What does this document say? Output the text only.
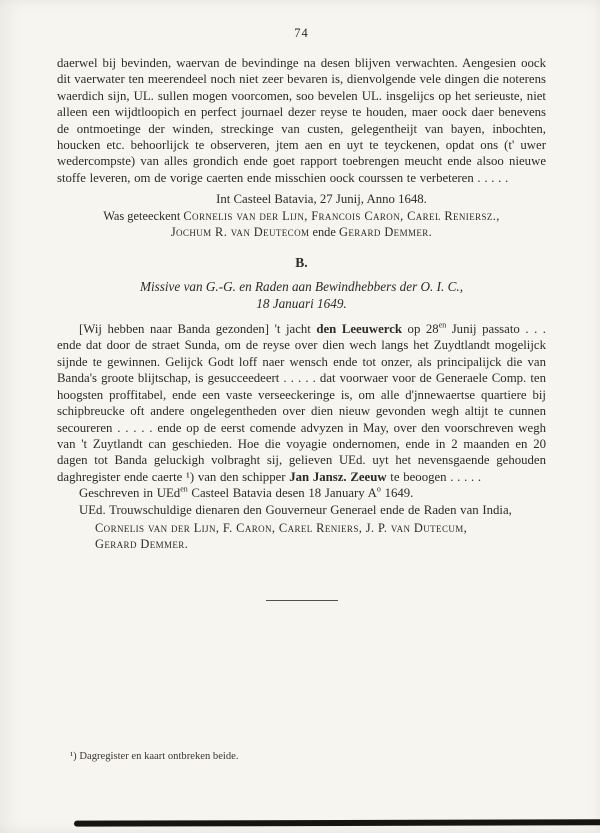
74

daerwel bij bevinden, waervan de bevindinge na desen blijven verwachten. Aengesien oock dit vaerwater ten meerendeel noch niet zeer bevaren is, dienvolgende vele dingen die noterens waerdich sijn, UL. sullen mogen voorcomen, soo bevelen UL. insgelijcs op het serieuste, niet alleen een wijdtloopich en perfect journael dezer reyse te houden, maer oock daer benevens de ontmoetinge der winden, streckinge van custen, gelegentheijt van bayen, inbochten, houcken etc. behoorlijck te observeren, jtem aen en uyt te teyckenen, opdat ons (t' uwer wedercompste) van alles grondich ende goet rapport toebrengen meucht ende alsoo nieuwe stoffe leveren, om de vorige caerten ende misschien oock courssen te verbeteren . . . . .

Int Casteel Batavia, 27 Junij, Anno 1648.
Was geteeckent Cornelis van der Lijn, Francois Caron, Carel Reniersz.,
Jochum R. van Deutecom ende Gerard Demmer.
B.
Missive van G.-G. en Raden aan Bewindhebbers der O. I. C.,
18 Januari 1649.

[Wij hebben naar Banda gezonden] 't jacht den Leeuwerck op $28^{en}$ Junij passato . . . ende dat door de straet Sunda, om de reyse over dien wech langs het Zuydtlandt mogelijck sijnde te gewinnen. Gelijck Godt loff naer wensch ende tot onzer, als principalijck die van Banda's groote blijtschap, is gesucceedeert . . . . . dat voorwaer voor de Generaele Comp. ten hoogsten proffitabel, ende een vaste verseeckeringe is, om alle d'jnnewaertse quartiere bij schipbreucke oft andere ongelegentheden over dien nieuw gevonden wegh altijt te cunnen secoureren . . . . . ende op de eerst comende advyzen in May, over den voorschreven wegh van 't Zuytlandt can geschieden. Hoe die voyagie ondernomen, ende in 2 maanden en 20 dagen tot Banda geluckigh volbraght sij, gelieven UEd. uyt het nevensgaende gehouden daghregister ende caerte ¹) van den schipper Jan Jansz. Zeeuw te beoogen . . . . .

Geschreven in UEd$^{en}$ Casteel Batavia desen 18 January $A^o$ 1649.

UEd. Trouwschuldige dienaren den Gouverneur Generael ende de Raden van India,

Cornelis van der Lijn, F. Caron, Carel Reniers, J. P. van Dutecum,
Gerard Demmer.
¹) Dagregister en kaart ontbreken beide.
